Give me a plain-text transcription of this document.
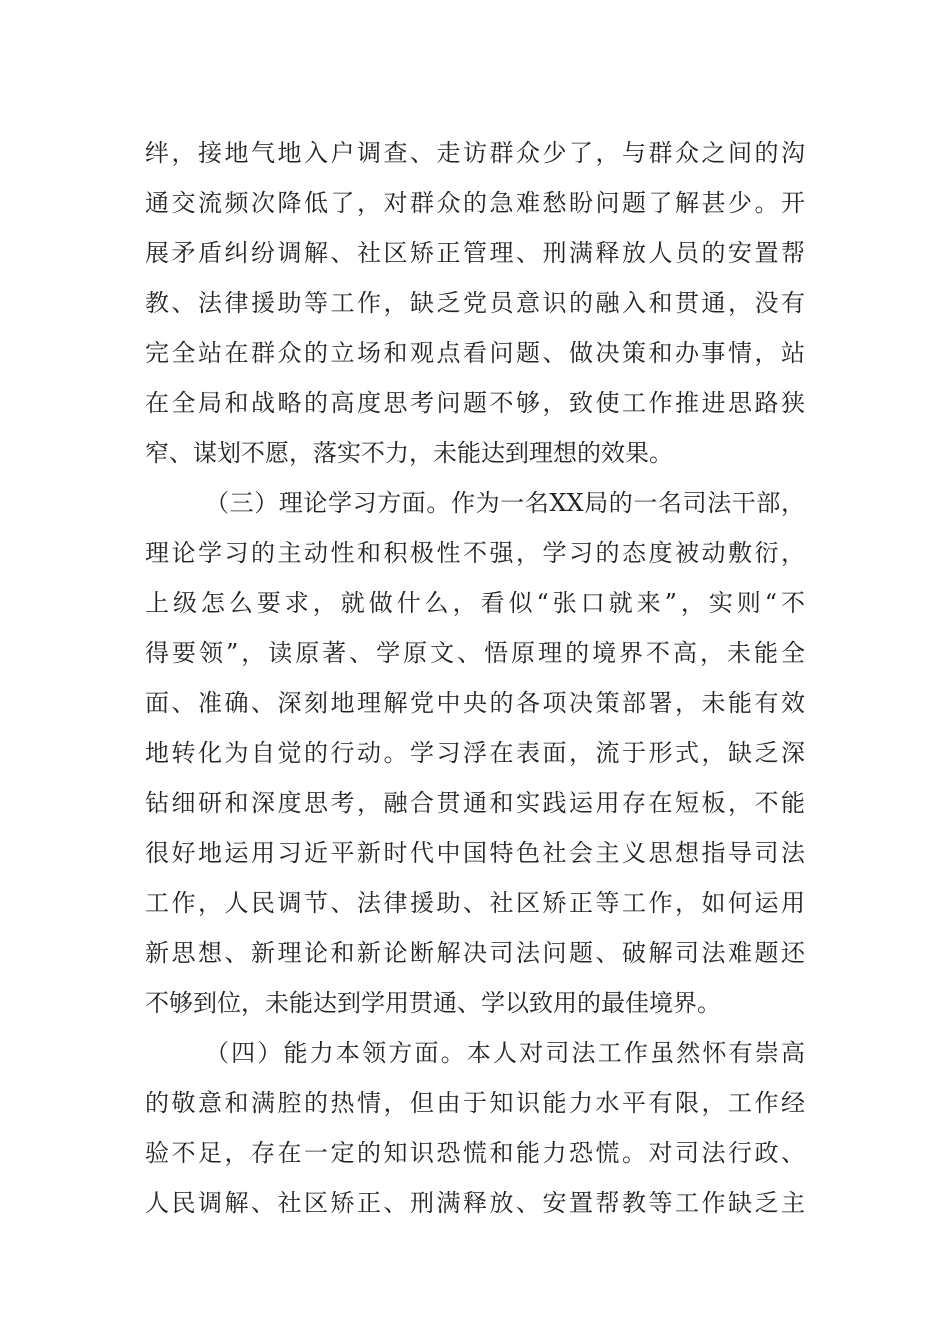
绊，接地气地入户调查、走访群众少了，与群众之间的沟
通交流频次降低了，对群众的急难愁盼问题了解甚少。开
展矛盾纠纷调解、社区矫正管理、刑满释放人员的安置帮
教、法律援助等工作，缺乏党员意识的融入和贯通，没有
完全站在群众的立场和观点看问题、做决策和办事情，站
在全局和战略的高度思考问题不够，致使工作推进思路狭
窄、谋划不愿，落实不力，未能达到理想的效果。
（三）理论学习方面。作为一名XX局的一名司法干部，
理论学习的主动性和积极性不强，学习的态度被动敷衍，
上级怎么要求，就做什么，看似“张口就来”，实则“不
得要领”，读原著、学原文、悟原理的境界不高，未能全
面、准确、深刻地理解党中央的各项决策部署，未能有效
地转化为自觉的行动。学习浮在表面，流于形式，缺乏深
钻细研和深度思考，融合贯通和实践运用存在短板，不能
很好地运用习近平新时代中国特色社会主义思想指导司法
工作，人民调节、法律援助、社区矫正等工作，如何运用
新思想、新理论和新论断解决司法问题、破解司法难题还
不够到位，未能达到学用贯通、学以致用的最佳境界。
（四）能力本领方面。本人对司法工作虽然怀有崇高
的敬意和满腔的热情，但由于知识能力水平有限，工作经
验不足，存在一定的知识恐慌和能力恐慌。对司法行政、
人民调解、社区矫正、刑满释放、安置帮教等工作缺乏主
